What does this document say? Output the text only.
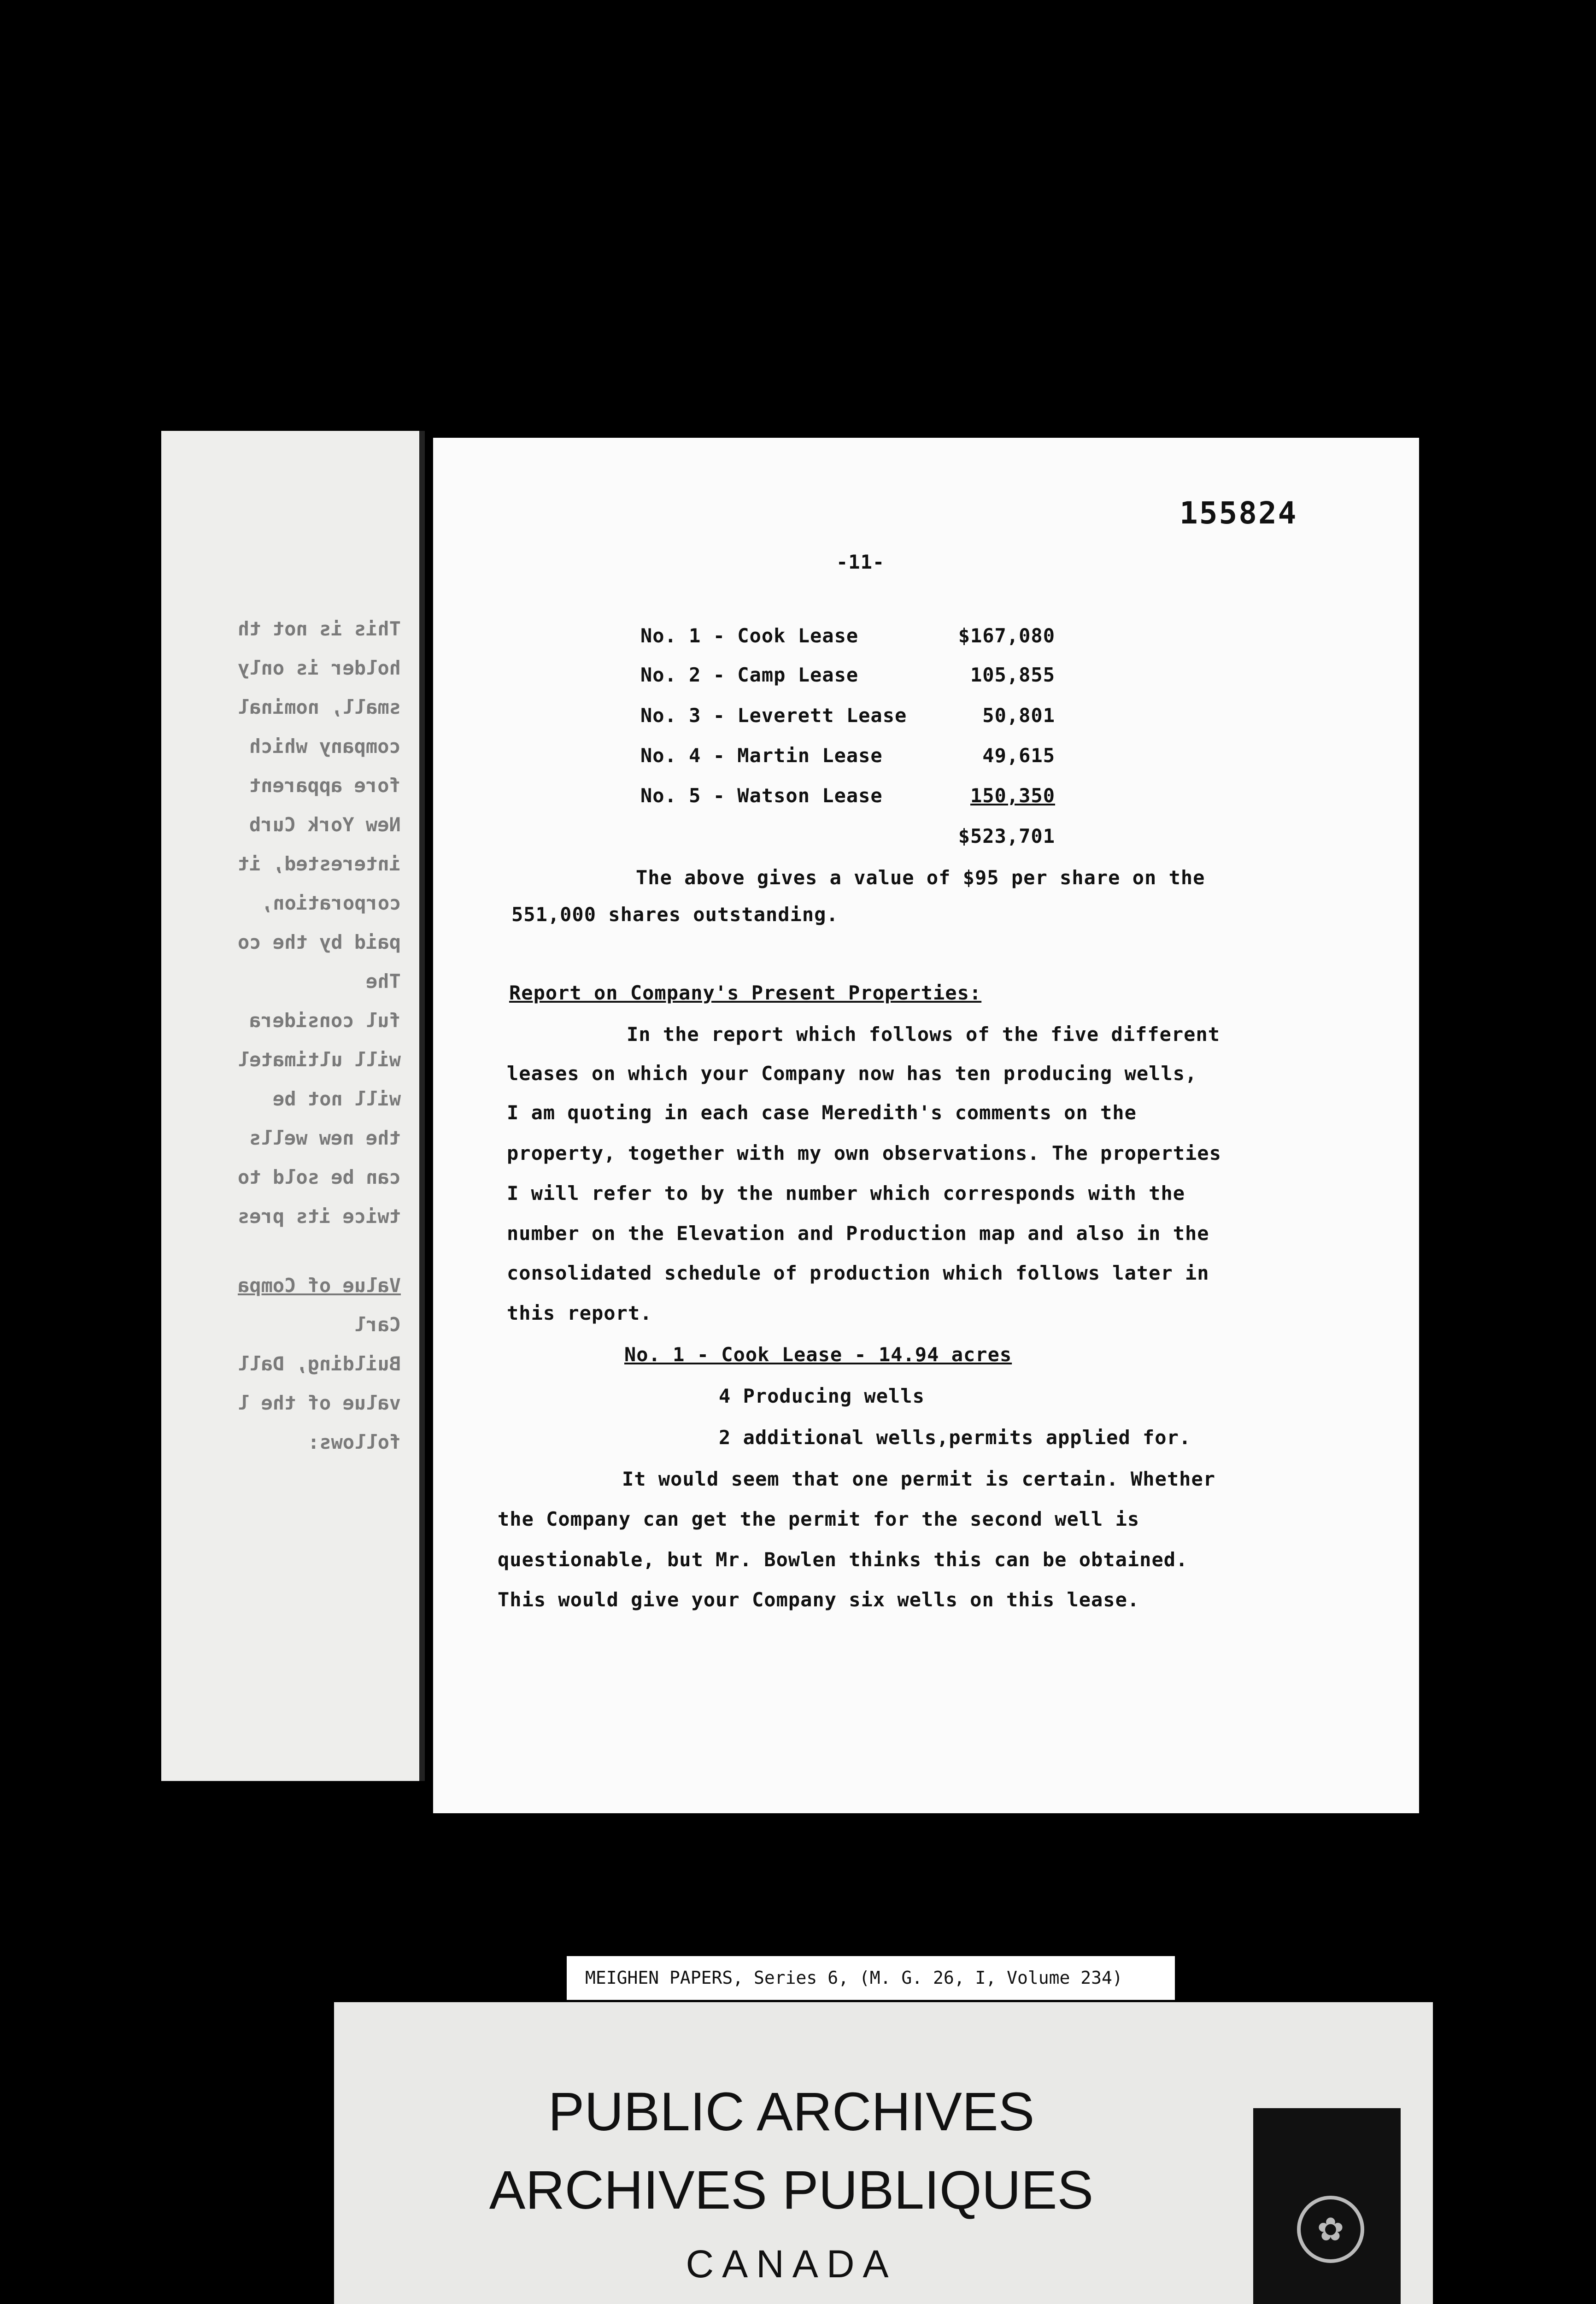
This is not th
holder is only
small, nominal
company which
fore apparent
New York Curb
interested, it
corporation,
paid by the co
The
ful considera
will ultimatel
will not be
the new wells
can be sold to
twice its pres
Value of Compa
Carl
Building, Dall
value of the l
follows:
155824
-11-
No. 1 - Cook Lease	$167,080
No. 2 - Camp Lease	105,855
No. 3 - Leverett Lease	50,801
No. 4 - Martin Lease	49,615
No. 5 - Watson Lease	150,350
$523,701
The above gives a value of $95 per share on the
551,000 shares outstanding.
Report on Company's Present Properties:
In the report which follows of the five different
leases on which your Company now has ten producing wells,
I am quoting in each case Meredith's comments on the
property, together with my own observations. The properties
I will refer to by the number which corresponds with the
number on the Elevation and Production map and also in the
consolidated schedule of production which follows later in
this report.
No. 1 - Cook Lease - 14.94 acres
4 Producing wells
2 additional wells,permits applied for.
It would seem that one permit is certain. Whether
the Company can get the permit for the second well is
questionable, but Mr. Bowlen thinks this can be obtained.
This would give your Company six wells on this lease.
MEIGHEN PAPERS, Series 6, (M. G. 26, I, Volume 234)
PUBLIC ARCHIVES
ARCHIVES PUBLIQUES
CANADA
✿
